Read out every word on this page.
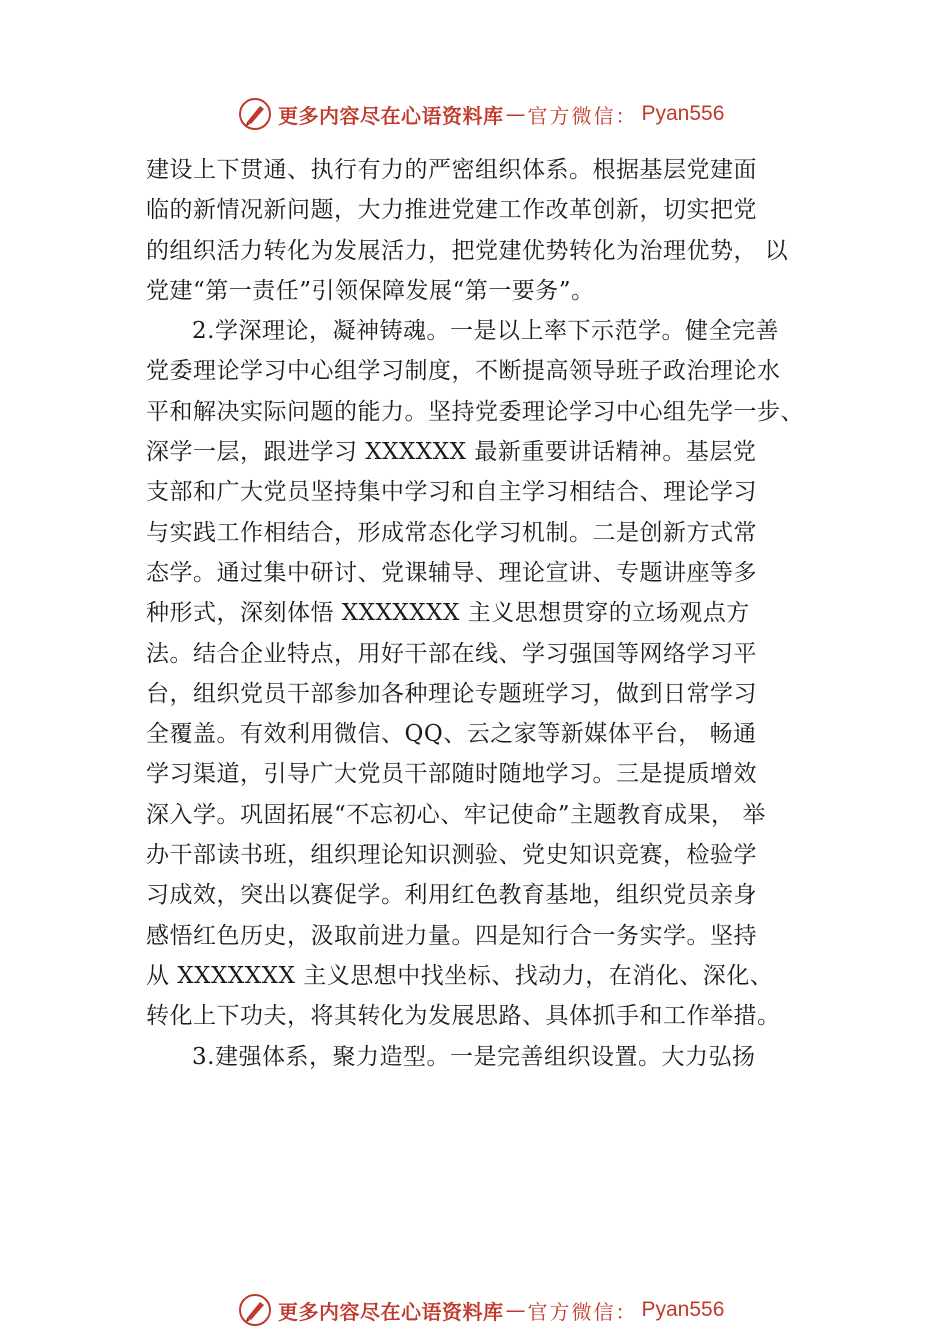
更多内容尽在心语资料库 — 官方微信： Pyan556
建设上下贯通、执行有力的严密组织体系。根据基层党建面
临的新情况新问题，大力推进党建工作改革创新，切实把党
的组织活力转化为发展活力，把党建优势转化为治理优势， 以
党建“第一责任”引领保障发展“第一要务”。
2.学深理论，凝神铸魂。一是以上率下示范学。健全完善
党委理论学习中心组学习制度，不断提高领导班子政治理论水
平和解决实际问题的能力。坚持党委理论学习中心组先学一步、
深学一层，跟进学习 XXXXXX 最新重要讲话精神。基层党
支部和广大党员坚持集中学习和自主学习相结合、理论学习
与实践工作相结合，形成常态化学习机制。二是创新方式常
态学。通过集中研讨、党课辅导、理论宣讲、专题讲座等多
种形式，深刻体悟 XXXXXXX 主义思想贯穿的立场观点方
法。结合企业特点，用好干部在线、学习强国等网络学习平
台，组织党员干部参加各种理论专题班学习，做到日常学习
全覆盖。有效利用微信、QQ、云之家等新媒体平台， 畅通
学习渠道，引导广大党员干部随时随地学习。三是提质增效
深入学。巩固拓展“不忘初心、牢记使命”主题教育成果， 举
办干部读书班，组织理论知识测验、党史知识竞赛，检验学
习成效，突出以赛促学。利用红色教育基地，组织党员亲身
感悟红色历史，汲取前进力量。四是知行合一务实学。坚持
从 XXXXXXX 主义思想中找坐标、找动力，在消化、深化、
转化上下功夫，将其转化为发展思路、具体抓手和工作举措。
3.建强体系，聚力造型。一是完善组织设置。大力弘扬
更多内容尽在心语资料库 — 官方微信： Pyan556
